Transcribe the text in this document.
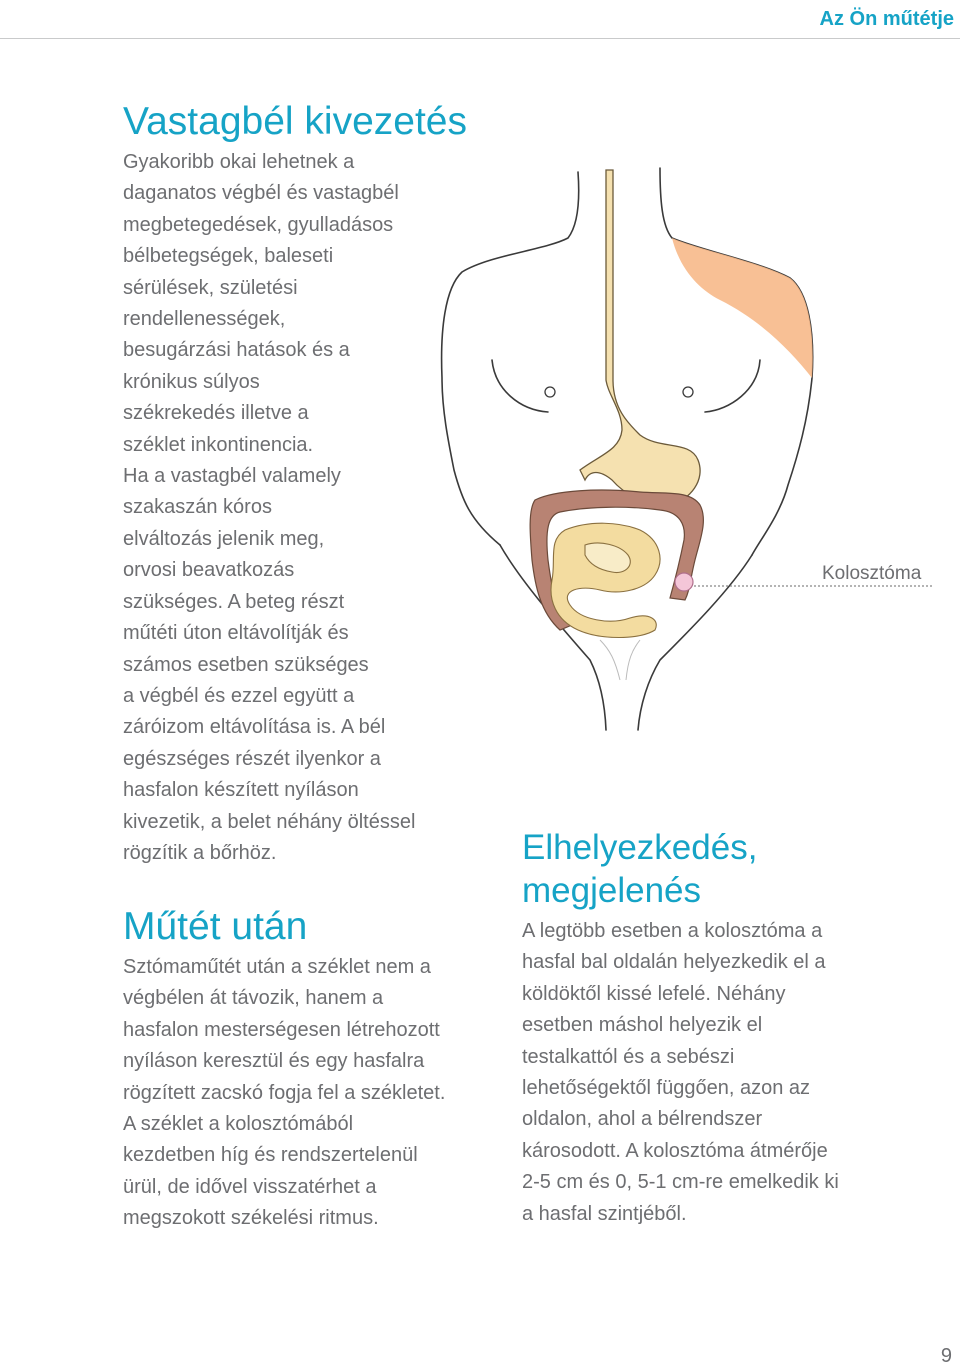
Az Ön műtétje
Vastagbél kivezetés
Gyakoribb okai lehetnek a
daganatos végbél és vastagbél
megbetegedések, gyulladásos
bélbetegségek, baleseti
sérülések, születési
rendellenességek,
besugárzási hatások és a
krónikus súlyos
székrekedés illetve a
széklet inkontinencia.
Ha a vastagbél valamely
szakaszán kóros
elváltozás jelenik meg,
orvosi beavatkozás
szükséges. A beteg részt
műtéti úton eltávolítják és
számos esetben szükséges
a végbél és ezzel együtt a
záróizom eltávolítása is. A bél
egészséges részét ilyenkor a
hasfalon készített nyíláson
kivezetik, a belet néhány öltéssel
rögzítik a bőrhöz.
Műtét után
Sztómaműtét után a széklet nem a
végbélen át távozik, hanem a
hasfalon mesterségesen létrehozott
nyíláson keresztül és egy hasfalra
rögzített zacskó fogja fel a székletet.
A széklet a kolosztómából
kezdetben híg és rendszertelenül
ürül, de idővel visszatérhet a
megszokott székelési ritmus.
Elhelyezkedés,
megjelenés
A legtöbb esetben a kolosztóma a
hasfal bal oldalán helyezkedik el a
köldöktől kissé lefelé. Néhány
esetben máshol helyezik el
testalkattól és a sebészi
lehetőségektől függően, azon az
oldalon, ahol a bélrendszer
károsodott. A kolosztóma átmérője
2-5 cm és 0, 5-1 cm-re emelkedik ki
a hasfal szintjéből.
Kolosztóma
9
